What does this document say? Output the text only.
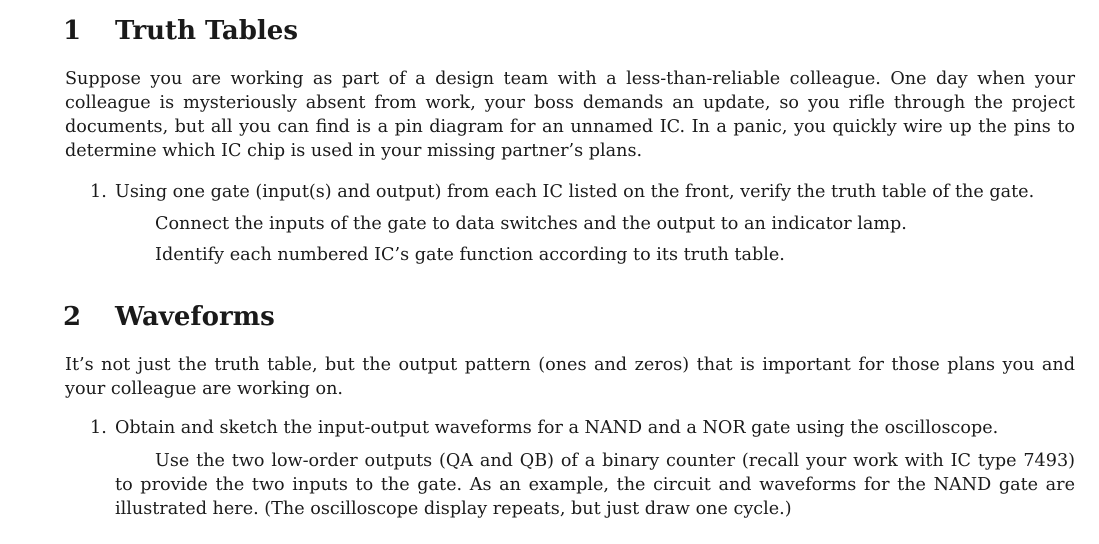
1 Truth Tables
Suppose you are working as part of a design team with a less-than-reliable colleague. One day when your colleague is mysteriously absent from work, your boss demands an update, so you rifle through the project documents, but all you can find is a pin diagram for an unnamed IC. In a panic, you quickly wire up the pins to determine which IC chip is used in your missing partner’s plans.
1. Using one gate (input(s) and output) from each IC listed on the front, verify the truth table of the gate.
Connect the inputs of the gate to data switches and the output to an indicator lamp.
Identify each numbered IC’s gate function according to its truth table.
2 Waveforms
It’s not just the truth table, but the output pattern (ones and zeros) that is important for those plans you and your colleague are working on.
1. Obtain and sketch the input-output waveforms for a NAND and a NOR gate using the oscilloscope.
Use the two low-order outputs (QA and QB) of a binary counter (recall your work with IC type 7493) to provide the two inputs to the gate. As an example, the circuit and waveforms for the NAND gate are illustrated here. (The oscilloscope display repeats, but just draw one cycle.)
